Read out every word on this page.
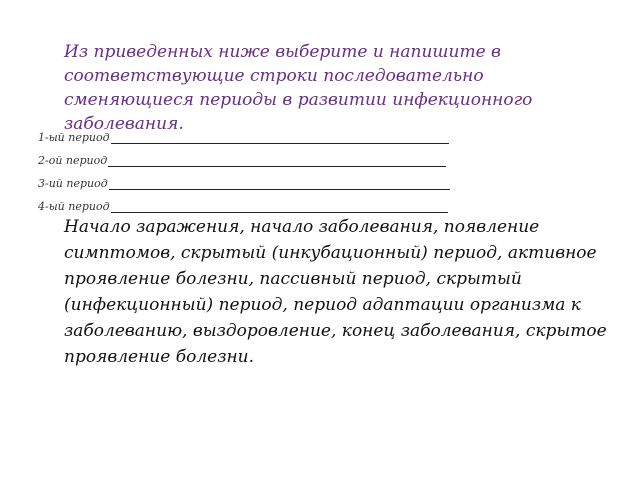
Из приведенных ниже выберите и напишите в соответствующие строки последовательно сменяющиеся периоды в развитии инфекционного заболевания.

1-ый период
2-ой период
3-ий период
4-ый период

Начало заражения, начало заболевания, появление симптомов, скрытый (инкубационный) период, активное проявление болезни, пассивный период, скрытый (инфекционный) период, период адаптации организма к заболеванию, выздоровление, конец заболевания, скрытое проявление болезни.
